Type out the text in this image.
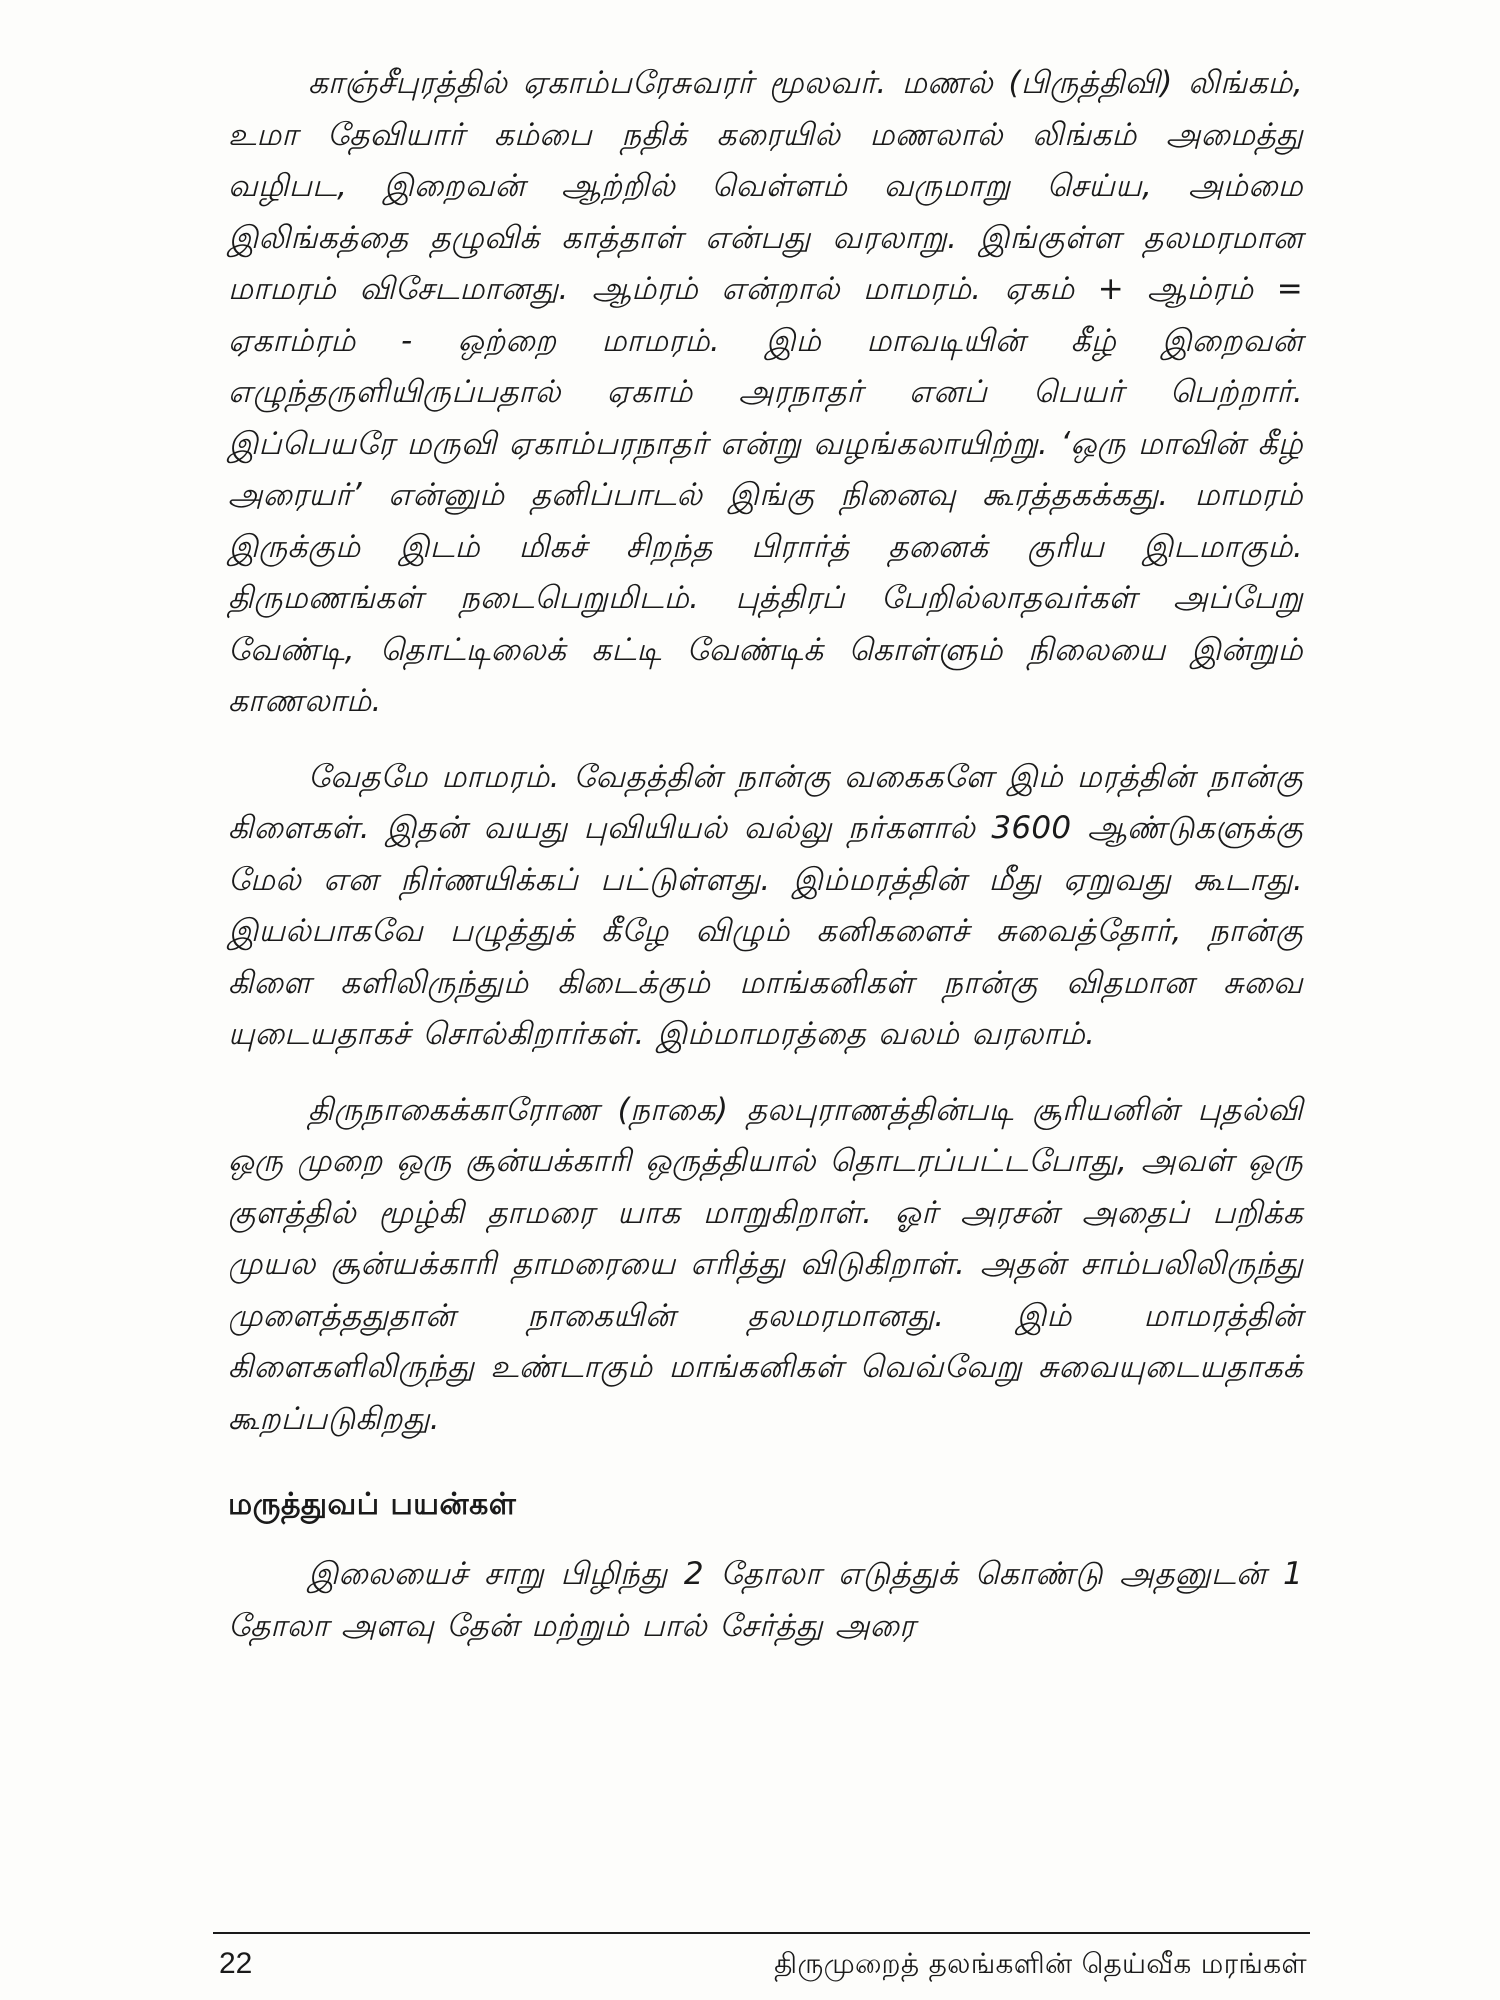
காஞ்சீபுரத்தில் ஏகாம்பரேசுவரர் மூலவர். மணல் (பிருத்திவி) லிங்கம், உமா தேவியார் கம்பை நதிக் கரையில் மணலால் லிங்கம் அமைத்து வழிபட, இறைவன் ஆற்றில் வெள்ளம் வருமாறு செய்ய, அம்மை இலிங்கத்தை தழுவிக் காத்தாள் என்பது வரலாறு. இங்குள்ள தலமரமான மாமரம் விசேடமானது. ஆம்ரம் என்றால் மாமரம். ஏகம் + ஆம்ரம் = ஏகாம்ரம் - ஒற்றை மாமரம். இம் மாவடியின் கீழ் இறைவன் எழுந்தருளியிருப்பதால் ஏகாம் அரநாதர் எனப் பெயர் பெற்றார். இப்பெயரே மருவி ஏகாம்பரநாதர் என்று வழங்கலாயிற்று. ‘ஒரு மாவின் கீழ் அரையர்’ என்னும் தனிப்பாடல் இங்கு நினைவு கூரத்தகக்கது. மாமரம் இருக்கும் இடம் மிகச் சிறந்த பிரார்த் தனைக் குரிய இடமாகும். திருமணங்கள் நடைபெறுமிடம். புத்திரப் பேறில்லாதவர்கள் அப்பேறு வேண்டி, தொட்டிலைக் கட்டி வேண்டிக் கொள்ளும் நிலையை இன்றும் காணலாம்.

வேதமே மாமரம். வேதத்தின் நான்கு வகைகளே இம் மரத்தின் நான்கு கிளைகள். இதன் வயது புவியியல் வல்லு நர்களால் 3600 ஆண்டுகளுக்கு மேல் என நிர்ணயிக்கப் பட்டுள்ளது. இம்மரத்தின் மீது ஏறுவது கூடாது. இயல்பாகவே பழுத்துக் கீழே விழும் கனிகளைச் சுவைத்தோர், நான்கு கிளை களிலிருந்தும் கிடைக்கும் மாங்கனிகள் நான்கு விதமான சுவை யுடையதாகச் சொல்கிறார்கள். இம்மாமரத்தை வலம் வரலாம்.

திருநாகைக்காரோண (நாகை) தலபுராணத்தின்படி சூரியனின் புதல்வி ஒரு முறை ஒரு சூன்யக்காரி ஒருத்தியால் தொடரப்பட்டபோது, அவள் ஒரு குளத்தில் மூழ்கி தாமரை யாக மாறுகிறாள். ஓர் அரசன் அதைப் பறிக்க முயல சூன்யக்காரி தாமரையை எரித்து விடுகிறாள். அதன் சாம்பலிலிருந்து முளைத்ததுதான் நாகையின் தலமரமானது. இம் மாமரத்தின் கிளைகளிலிருந்து உண்டாகும் மாங்கனிகள் வெவ்வேறு சுவையுடையதாகக் கூறப்படுகிறது.

மருத்துவப் பயன்கள்

இலையைச் சாறு பிழிந்து 2 தோலா எடுத்துக் கொண்டு அதனுடன் 1 தோலா அளவு தேன் மற்றும் பால் சேர்த்து அரை

22	திருமுறைத் தலங்களின் தெய்வீக மரங்கள்
